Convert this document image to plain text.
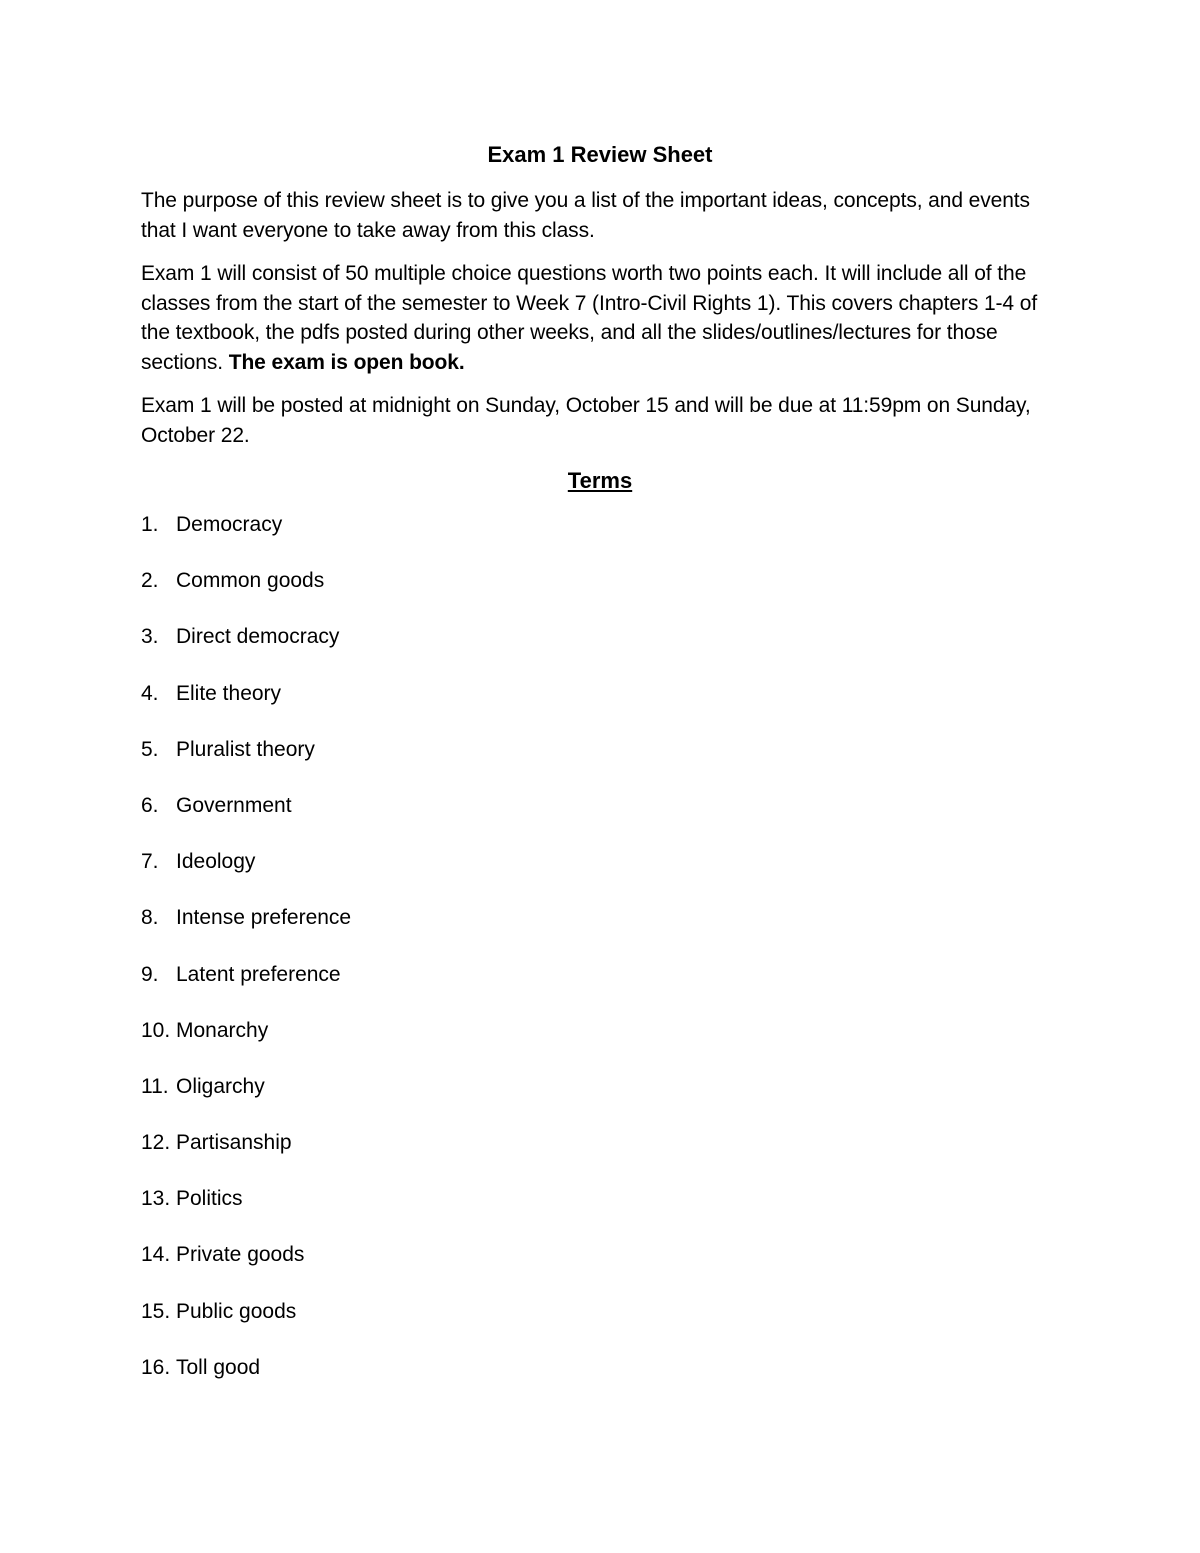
Exam 1 Review Sheet

The purpose of this review sheet is to give you a list of the important ideas, concepts, and events that I want everyone to take away from this class.

Exam 1 will consist of 50 multiple choice questions worth two points each. It will include all of the classes from the start of the semester to Week 7 (Intro-Civil Rights 1). This covers chapters 1-4 of the textbook, the pdfs posted during other weeks, and all the slides/outlines/lectures for those sections. The exam is open book.

Exam 1 will be posted at midnight on Sunday, October 15 and will be due at 11:59pm on Sunday, October 22.

Terms
1. Democracy
2. Common goods
3. Direct democracy
4. Elite theory
5. Pluralist theory
6. Government
7. Ideology
8. Intense preference
9. Latent preference
10. Monarchy
11. Oligarchy
12. Partisanship
13. Politics
14. Private goods
15. Public goods
16. Toll good
